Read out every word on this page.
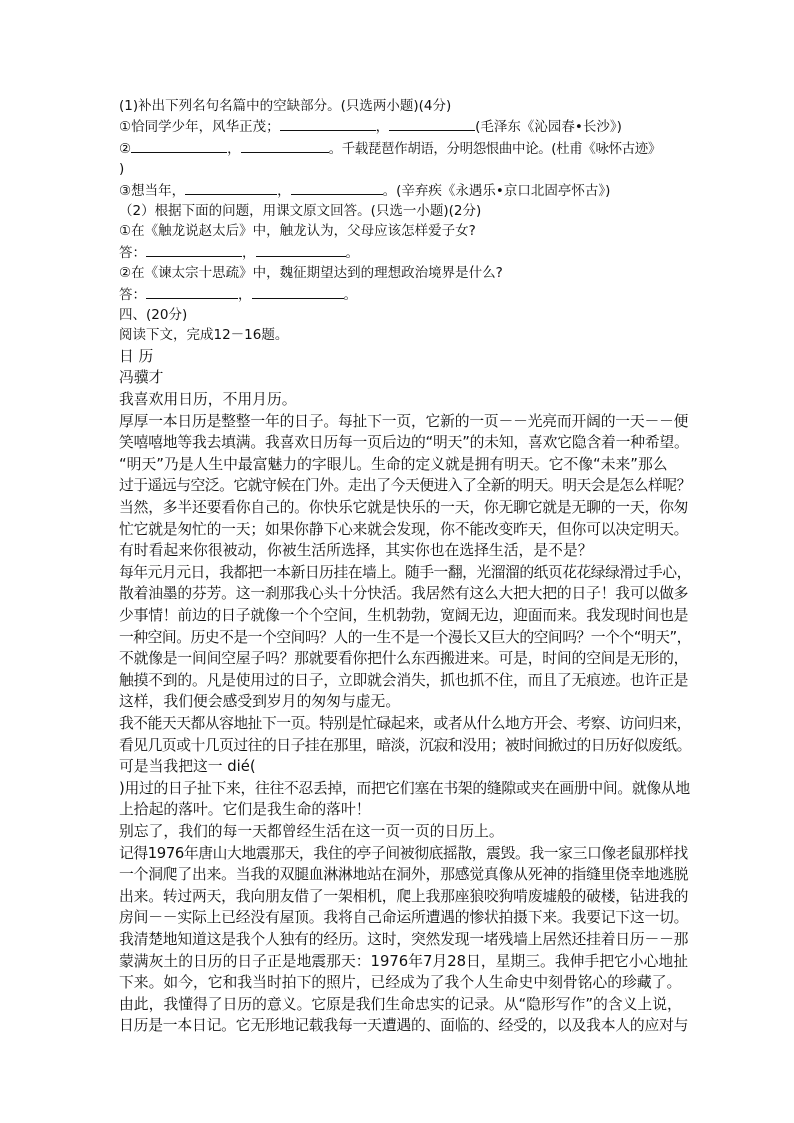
(1)补出下列名句名篇中的空缺部分。(只选两小题)(4分)
①恰同学少年，风华正茂；	，	(毛泽东《沁园春•长沙》)
②	，	。千载琵琶作胡语，分明怨恨曲中论。(杜甫《咏怀古迹》
)
③想当年，	，	。(辛弃疾《永遇乐•京口北固亭怀古》)
（2）根据下面的问题，用课文原文回答。(只选一小题)(2分)
①在《触龙说赵太后》中，触龙认为，父母应该怎样爱子女?
答：	，	。
②在《谏太宗十思疏》中，魏征期望达到的理想政治境界是什么?
答：	，	。
四、(20分)
阅读下文，完成12－16题。
日 历
冯骥才
我喜欢用日历，不用月历。
厚厚一本日历是整整一年的日子。每扯下一页，它新的一页－－光亮而开阔的一天－－便
笑嘻嘻地等我去填满。我喜欢日历每一页后边的“明天”的未知，喜欢它隐含着一种希望。
“明天”乃是人生中最富魅力的字眼儿。生命的定义就是拥有明天。它不像“未来”那么
过于遥远与空泛。它就守候在门外。走出了今天便进入了全新的明天。明天会是怎么样呢？
当然，多半还要看你自己的。你快乐它就是快乐的一天，你无聊它就是无聊的一天，你匆
忙它就是匆忙的一天；如果你静下心来就会发现，你不能改变昨天，但你可以决定明天。
有时看起来你很被动，你被生活所选择，其实你也在选择生活，是不是？
每年元月元日，我都把一本新日历挂在墙上。随手一翻，光溜溜的纸页花花绿绿滑过手心，
散着油墨的芬芳。这一刹那我心头十分快活。我居然有这么大把大把的日子！我可以做多
少事情！前边的日子就像一个个空间，生机勃勃，宽阔无边，迎面而来。我发现时间也是
一种空间。历史不是一个空间吗？人的一生不是一个漫长又巨大的空间吗？一个个“明天”，
不就像是一间间空屋子吗？那就要看你把什么东西搬进来。可是，时间的空间是无形的，
触摸不到的。凡是使用过的日子，立即就会消失，抓也抓不住，而且了无痕迹。也许正是
这样，我们便会感受到岁月的匆匆与虚无。
我不能天天都从容地扯下一页。特别是忙碌起来，或者从什么地方开会、考察、访问归来，
看见几页或十几页过往的日子挂在那里，暗淡，沉寂和没用；被时间掀过的日历好似废纸。
可是当我把这一 dié(
)用过的日子扯下来，往往不忍丢掉，而把它们塞在书架的缝隙或夹在画册中间。就像从地
上拾起的落叶。它们是我生命的落叶！
别忘了，我们的每一天都曾经生活在这一页一页的日历上。
记得1976年唐山大地震那天，我住的亭子间被彻底摇散，震毁。我一家三口像老鼠那样找
一个洞爬了出来。当我的双腿血淋淋地站在洞外，那感觉真像从死神的指缝里侥幸地逃脱
出来。转过两天，我向朋友借了一架相机，爬上我那座狼咬狗啃废墟般的破楼，钻进我的
房间－－实际上已经没有屋顶。我将自己命运所遭遇的惨状拍摄下来。我要记下这一切。
我清楚地知道这是我个人独有的经历。这时，突然发现一堵残墙上居然还挂着日历－－那
蒙满灰土的日历的日子正是地震那天：1976年7月28日，星期三。我伸手把它小心地扯
下来。如今，它和我当时拍下的照片，已经成为了我个人生命史中刻骨铭心的珍藏了。
由此，我懂得了日历的意义。它原是我们生命忠实的记录。从“隐形写作”的含义上说，
日历是一本日记。它无形地记载我每一天遭遇的、面临的、经受的，以及我本人的应对与
